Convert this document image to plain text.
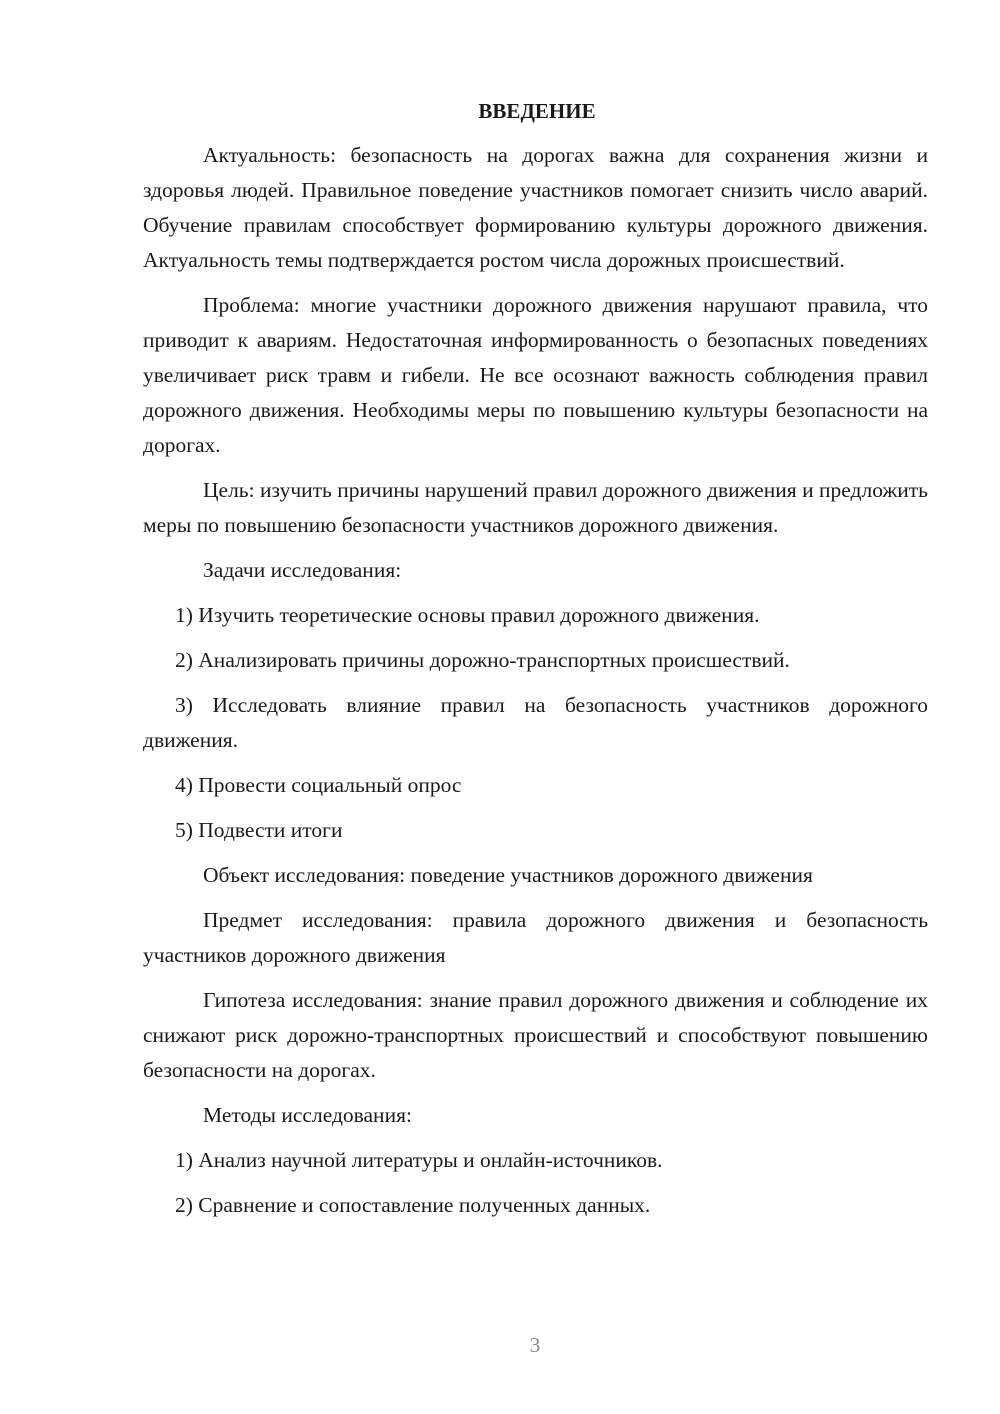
ВВЕДЕНИЕ

Актуальность: безопасность на дорогах важна для сохранения жизни и здоровья людей. Правильное поведение участников помогает снизить число аварий. Обучение правилам способствует формированию культуры дорожного движения. Актуальность темы подтверждается ростом числа дорожных происшествий.

Проблема: многие участники дорожного движения нарушают правила, что приводит к авариям. Недостаточная информированность о безопасных поведениях увеличивает риск травм и гибели. Не все осознают важность соблюдения правил дорожного движения. Необходимы меры по повышению культуры безопасности на дорогах.

Цель: изучить причины нарушений правил дорожного движения и предложить меры по повышению безопасности участников дорожного движения.

Задачи исследования:

1) Изучить теоретические основы правил дорожного движения.

2) Анализировать причины дорожно-транспортных происшествий.

3) Исследовать влияние правил на безопасность участников дорожного движения.

4) Провести социальный опрос

5) Подвести итоги

Объект исследования: поведение участников дорожного движения

Предмет исследования: правила дорожного движения и безопасность участников дорожного движения

Гипотеза исследования: знание правил дорожного движения и соблюдение их снижают риск дорожно-транспортных происшествий и способствуют повышению безопасности на дорогах.

Методы исследования:

1) Анализ научной литературы и онлайн-источников.

2) Сравнение и сопоставление полученных данных.

3
